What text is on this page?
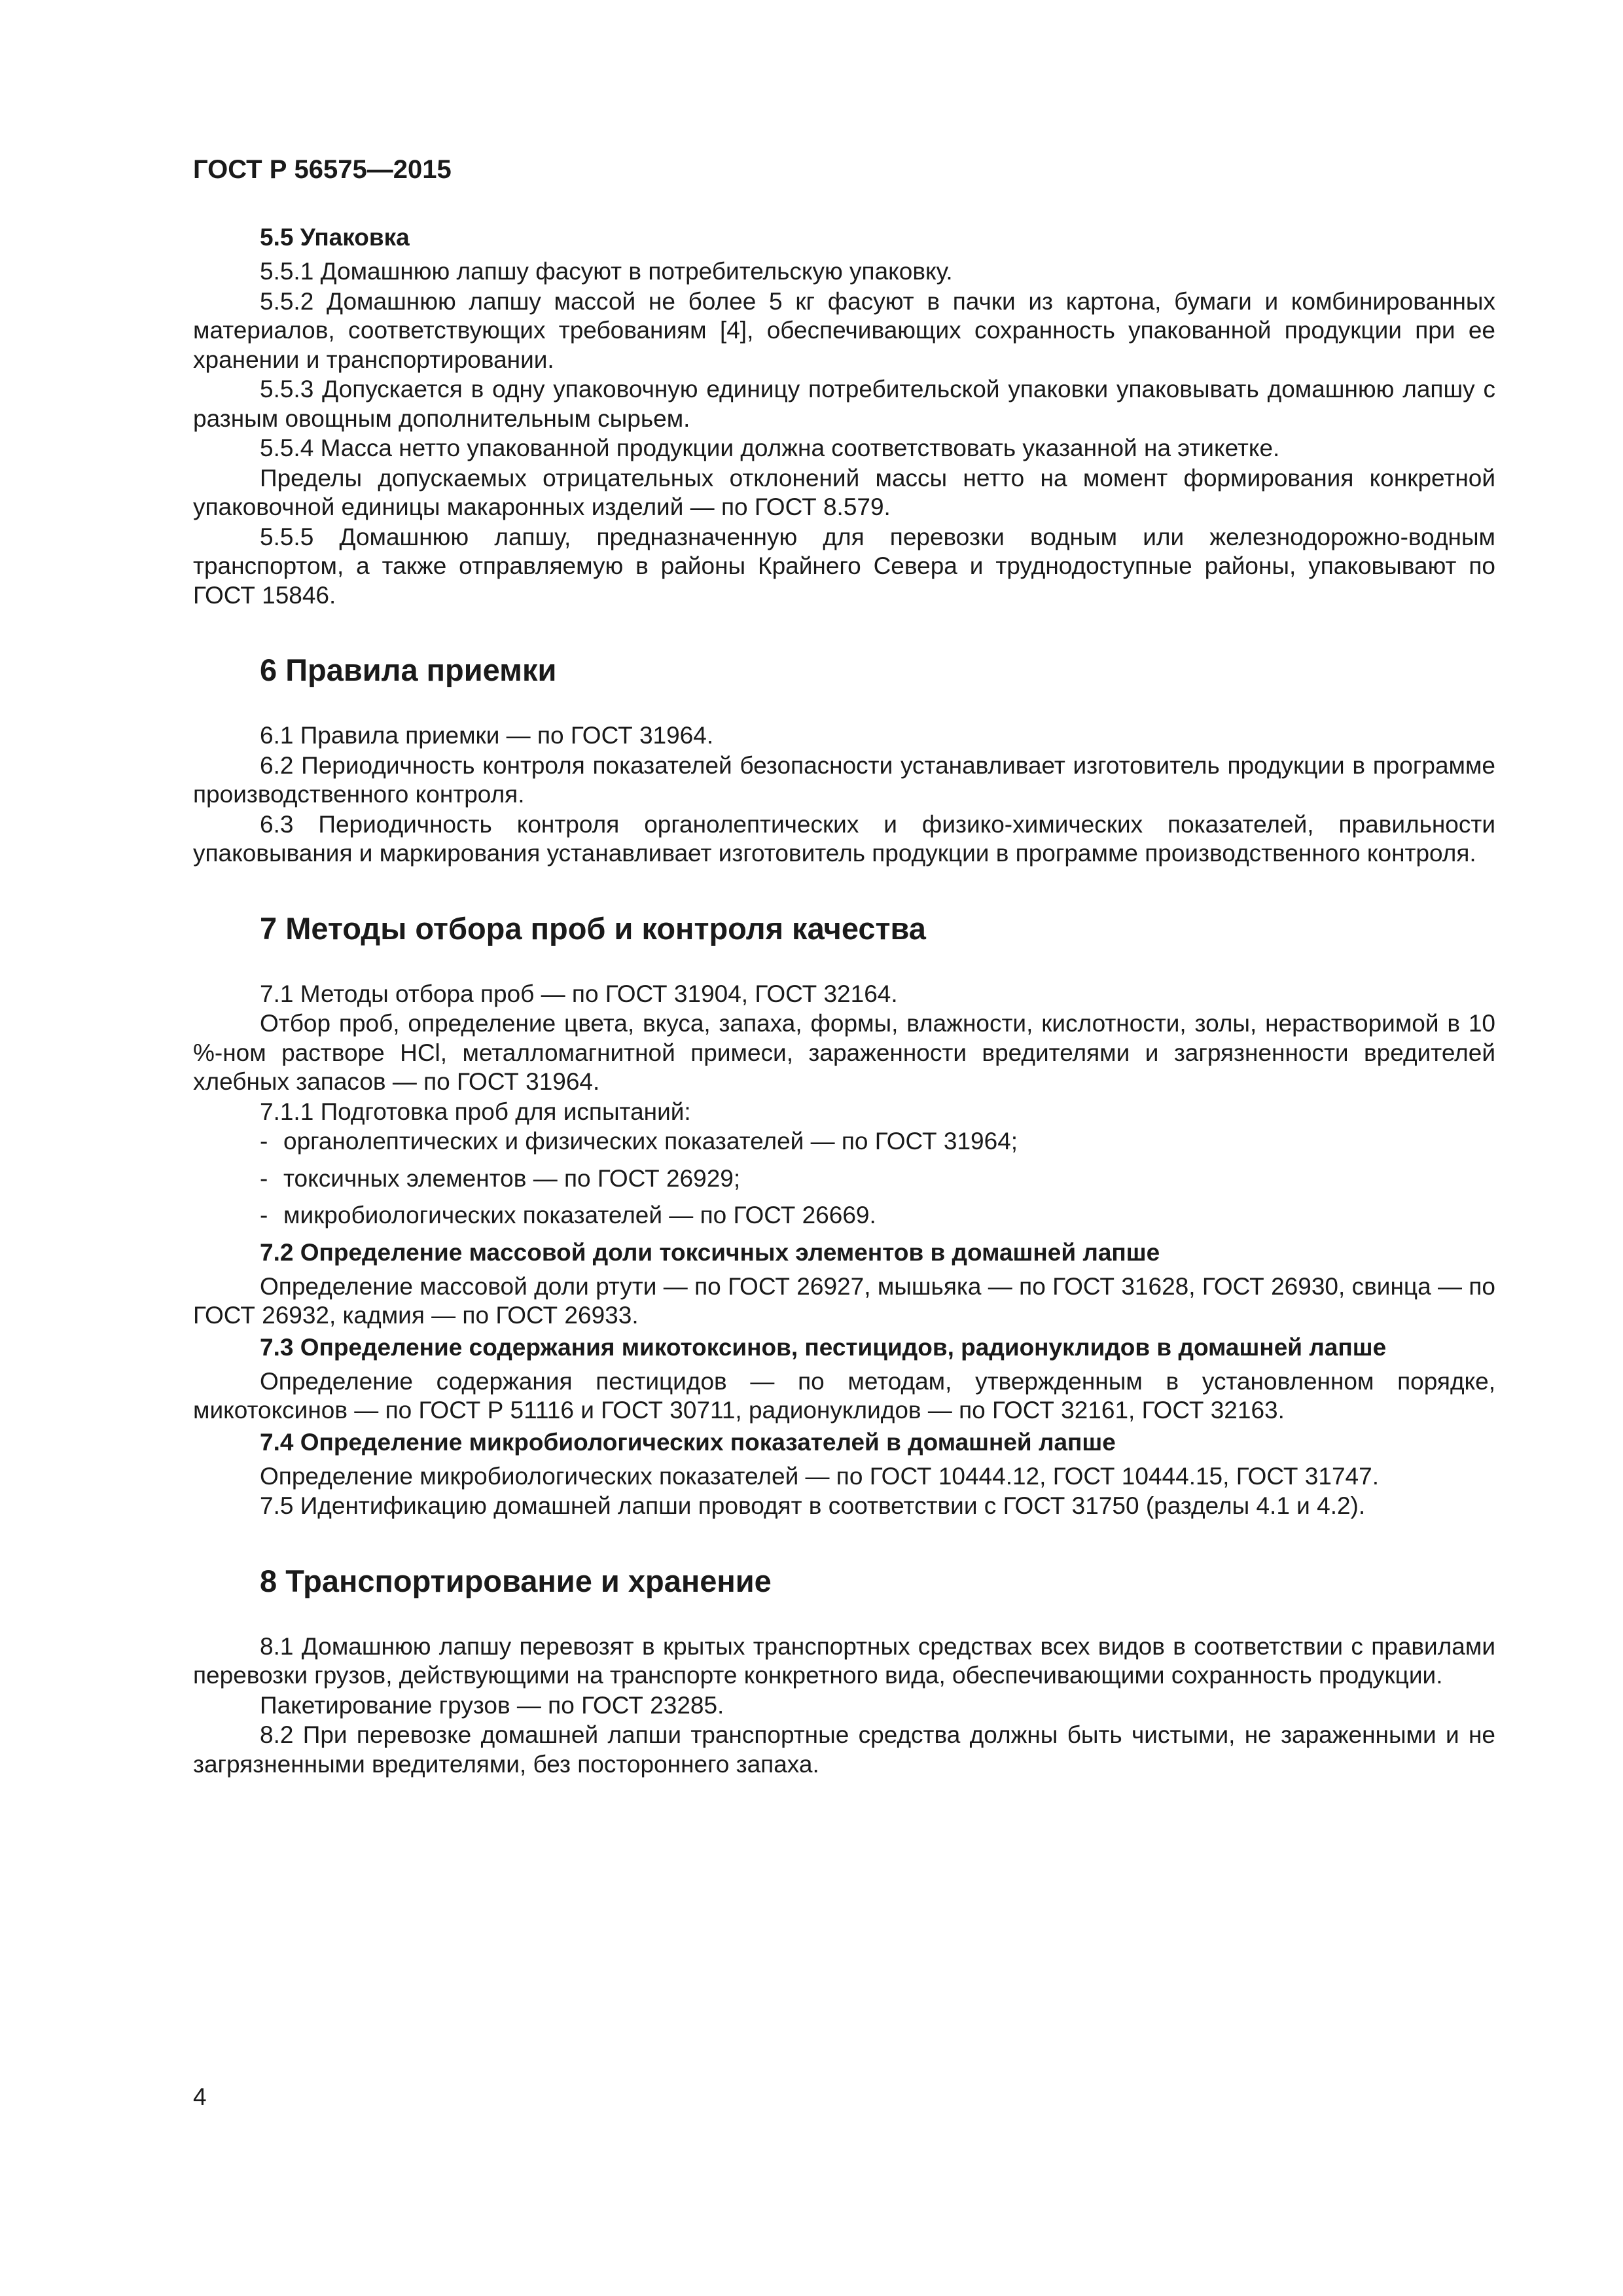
ГОСТ Р 56575—2015
5.5 Упаковка

5.5.1 Домашнюю лапшу фасуют в потребительскую упаковку.

5.5.2 Домашнюю лапшу массой не более 5 кг фасуют в пачки из картона, бумаги и комбинированных материалов, соответствующих требованиям [4], обеспечивающих сохранность упакованной продукции при ее хранении и транспортировании.

5.5.3 Допускается в одну упаковочную единицу потребительской упаковки упаковывать домашнюю лапшу с разным овощным дополнительным сырьем.

5.5.4 Масса нетто упакованной продукции должна соответствовать указанной на этикетке.

Пределы допускаемых отрицательных отклонений массы нетто на момент формирования конкретной упаковочной единицы макаронных изделий — по ГОСТ 8.579.

5.5.5 Домашнюю лапшу, предназначенную для перевозки водным или железнодорожно-водным транспортом, а также отправляемую в районы Крайнего Севера и труднодоступные районы, упаковывают по ГОСТ 15846.

6 Правила приемки

6.1 Правила приемки — по ГОСТ 31964.

6.2 Периодичность контроля показателей безопасности устанавливает изготовитель продукции в программе производственного контроля.

6.3 Периодичность контроля органолептических и физико-химических показателей, правильности упаковывания и маркирования устанавливает изготовитель продукции в программе производственного контроля.

7 Методы отбора проб и контроля качества

7.1 Методы отбора проб — по ГОСТ 31904, ГОСТ 32164.

Отбор проб, определение цвета, вкуса, запаха, формы, влажности, кислотности, золы, нерастворимой в 10 %-ном растворе HCl, металломагнитной примеси, зараженности вредителями и загрязненности вредителей хлебных запасов — по ГОСТ 31964.

7.1.1 Подготовка проб для испытаний:

- органолептических и физических показателей — по ГОСТ 31964;
- токсичных элементов — по ГОСТ 26929;
- микробиологических показателей — по ГОСТ 26669.
7.2 Определение массовой доли токсичных элементов в домашней лапше

Определение массовой доли ртути — по ГОСТ 26927, мышьяка — по ГОСТ 31628, ГОСТ 26930, свинца — по ГОСТ 26932, кадмия — по ГОСТ 26933.

7.3 Определение содержания микотоксинов, пестицидов, радионуклидов в домашней лапше

Определение содержания пестицидов — по методам, утвержденным в установленном порядке, микотоксинов — по ГОСТ Р 51116 и ГОСТ 30711, радионуклидов — по ГОСТ 32161, ГОСТ 32163.

7.4 Определение микробиологических показателей в домашней лапше

Определение микробиологических показателей — по ГОСТ 10444.12, ГОСТ 10444.15, ГОСТ 31747.

7.5 Идентификацию домашней лапши проводят в соответствии с ГОСТ 31750 (разделы 4.1 и 4.2).

8 Транспортирование и хранение

8.1 Домашнюю лапшу перевозят в крытых транспортных средствах всех видов в соответствии с правилами перевозки грузов, действующими на транспорте конкретного вида, обеспечивающими сохранность продукции.

Пакетирование грузов — по ГОСТ 23285.

8.2 При перевозке домашней лапши транспортные средства должны быть чистыми, не зараженными и не загрязненными вредителями, без постороннего запаха.

4
